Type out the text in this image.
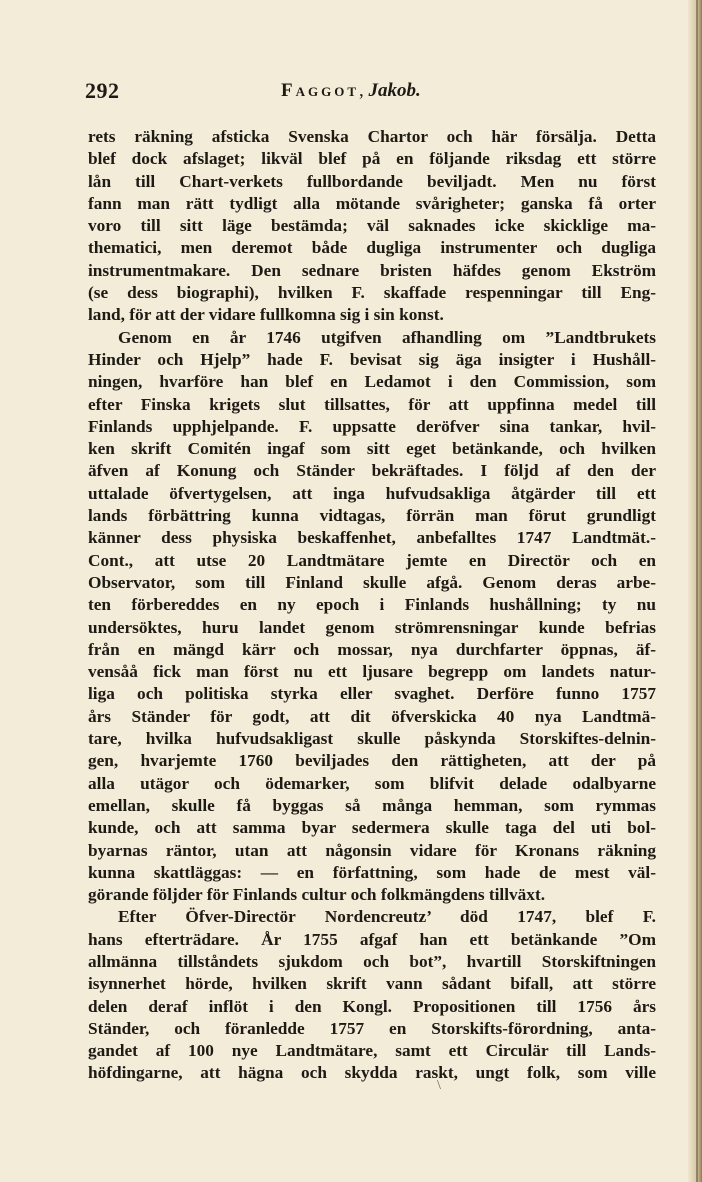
292	Faggot, Jakob.
rets räkning afsticka Svenska Chartor och här försälja. Detta
blef dock afslaget; likväl blef på en följande riksdag ett större
lån till Chart-verkets fullbordande beviljadt. Men nu först
fann man rätt tydligt alla mötande svårigheter; ganska få orter
voro till sitt läge bestämda; väl saknades icke skicklige ma-
thematici, men deremot både dugliga instrumenter och dugliga
instrumentmakare. Den sednare bristen häfdes genom Ekström
(se dess biographi), hvilken F. skaffade respenningar till Eng-
land, för att der vidare fullkomna sig i sin konst.
Genom en år 1746 utgifven afhandling om ”Landtbrukets
Hinder och Hjelp” hade F. bevisat sig äga insigter i Hushåll-
ningen, hvarföre han blef en Ledamot i den Commission, som
efter Finska krigets slut tillsattes, för att uppfinna medel till
Finlands upphjelpande. F. uppsatte deröfver sina tankar, hvil-
ken skrift Comitén ingaf som sitt eget betänkande, och hvilken
äfven af Konung och Ständer bekräftades. I följd af den der
uttalade öfvertygelsen, att inga hufvudsakliga åtgärder till ett
lands förbättring kunna vidtagas, förrän man förut grundligt
känner dess physiska beskaffenhet, anbefalltes 1747 Landtmät.-
Cont., att utse 20 Landtmätare jemte en Directör och en
Observator, som till Finland skulle afgå. Genom deras arbe-
ten förbereddes en ny epoch i Finlands hushållning; ty nu
undersöktes, huru landet genom strömrensningar kunde befrias
från en mängd kärr och mossar, nya durchfarter öppnas, äf-
vensåå fick man först nu ett ljusare begrepp om landets natur-
liga och politiska styrka eller svaghet. Derföre funno 1757
års Ständer för godt, att dit öfverskicka 40 nya Landtmä-
tare, hvilka hufvudsakligast skulle påskynda Storskiftes-delnin-
gen, hvarjemte 1760 beviljades den rättigheten, att der på
alla utägor och ödemarker, som blifvit delade odalbyarne
emellan, skulle få byggas så många hemman, som rymmas
kunde, och att samma byar sedermera skulle taga del uti bol-
byarnas räntor, utan att någonsin vidare för Kronans räkning
kunna skattläggas: — en författning, som hade de mest väl-
görande följder för Finlands cultur och folkmängdens tillväxt.
Efter Öfver-Directör Nordencreutz’ död 1747, blef F.
hans efterträdare. År 1755 afgaf han ett betänkande ”Om
allmänna tillståndets sjukdom och bot”, hvartill Storskiftningen
isynnerhet hörde, hvilken skrift vann sådant bifall, att större
delen deraf inflöt i den Kongl. Propositionen till 1756 års
Ständer, och föranledde 1757 en Storskifts-förordning, anta-
gandet af 100 nye Landtmätare, samt ett Circulär till Lands-
höfdingarne, att hägna och skydda raskt, ungt folk, som ville
\
